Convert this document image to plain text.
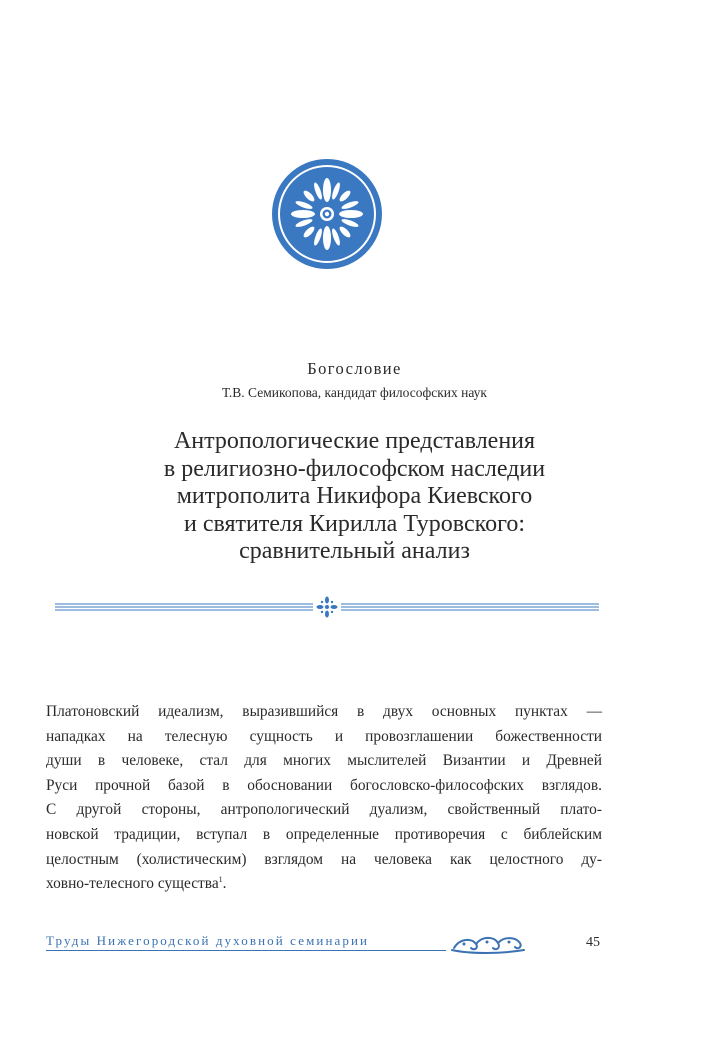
Богословие
Т.В. Семикопова, кандидат философских наук
Антропологические представления
в религиозно-философском наследии
митрополита Никифора Киевского
и святителя Кирилла Туровского:
сравнительный анализ
Платоновский идеализм, выразившийся в двух основных пунктах —
нападках на телесную сущность и провозглашении божественности
души в человеке, стал для многих мыслителей Византии и Древней
Руси прочной базой в обосновании богословско-философских взглядов.
С другой стороны, антропологический дуализм, свойственный плато-
новской традиции, вступал в определенные противоречия с библейским
целостным (холистическим) взглядом на человека как целостного ду-
ховно-телесного существа$^1$.
Труды Нижегородской духовной семинарии	45
